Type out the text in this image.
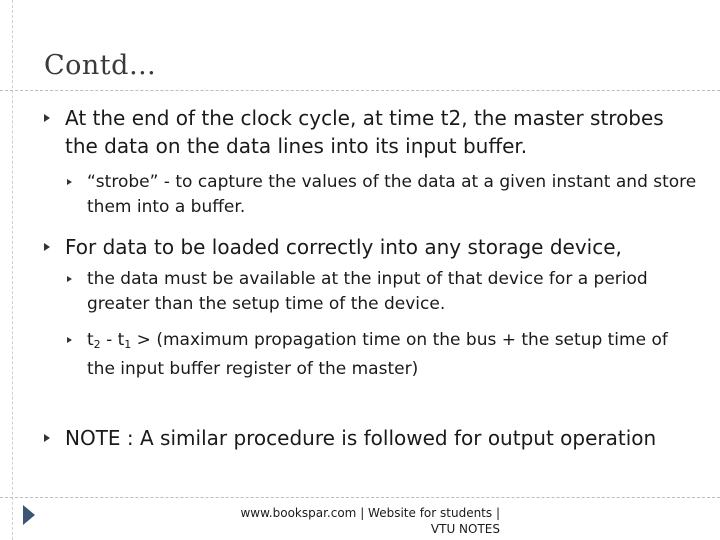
Contd…
At the end of the clock cycle, at time t2, the master strobes the data on the data lines into its input buffer.
“strobe” - to capture the values of the data at a given instant and store them into a buffer.
For data to be loaded correctly into any storage device,
the data must be available at the input of that device for a period greater than the setup time of the device.
$t_2 - t_1$ > (maximum propagation time on the bus + the setup time of the input buffer register of the master)
NOTE : A similar procedure is followed for output operation
www.bookspar.com | Website for students |
VTU NOTES
